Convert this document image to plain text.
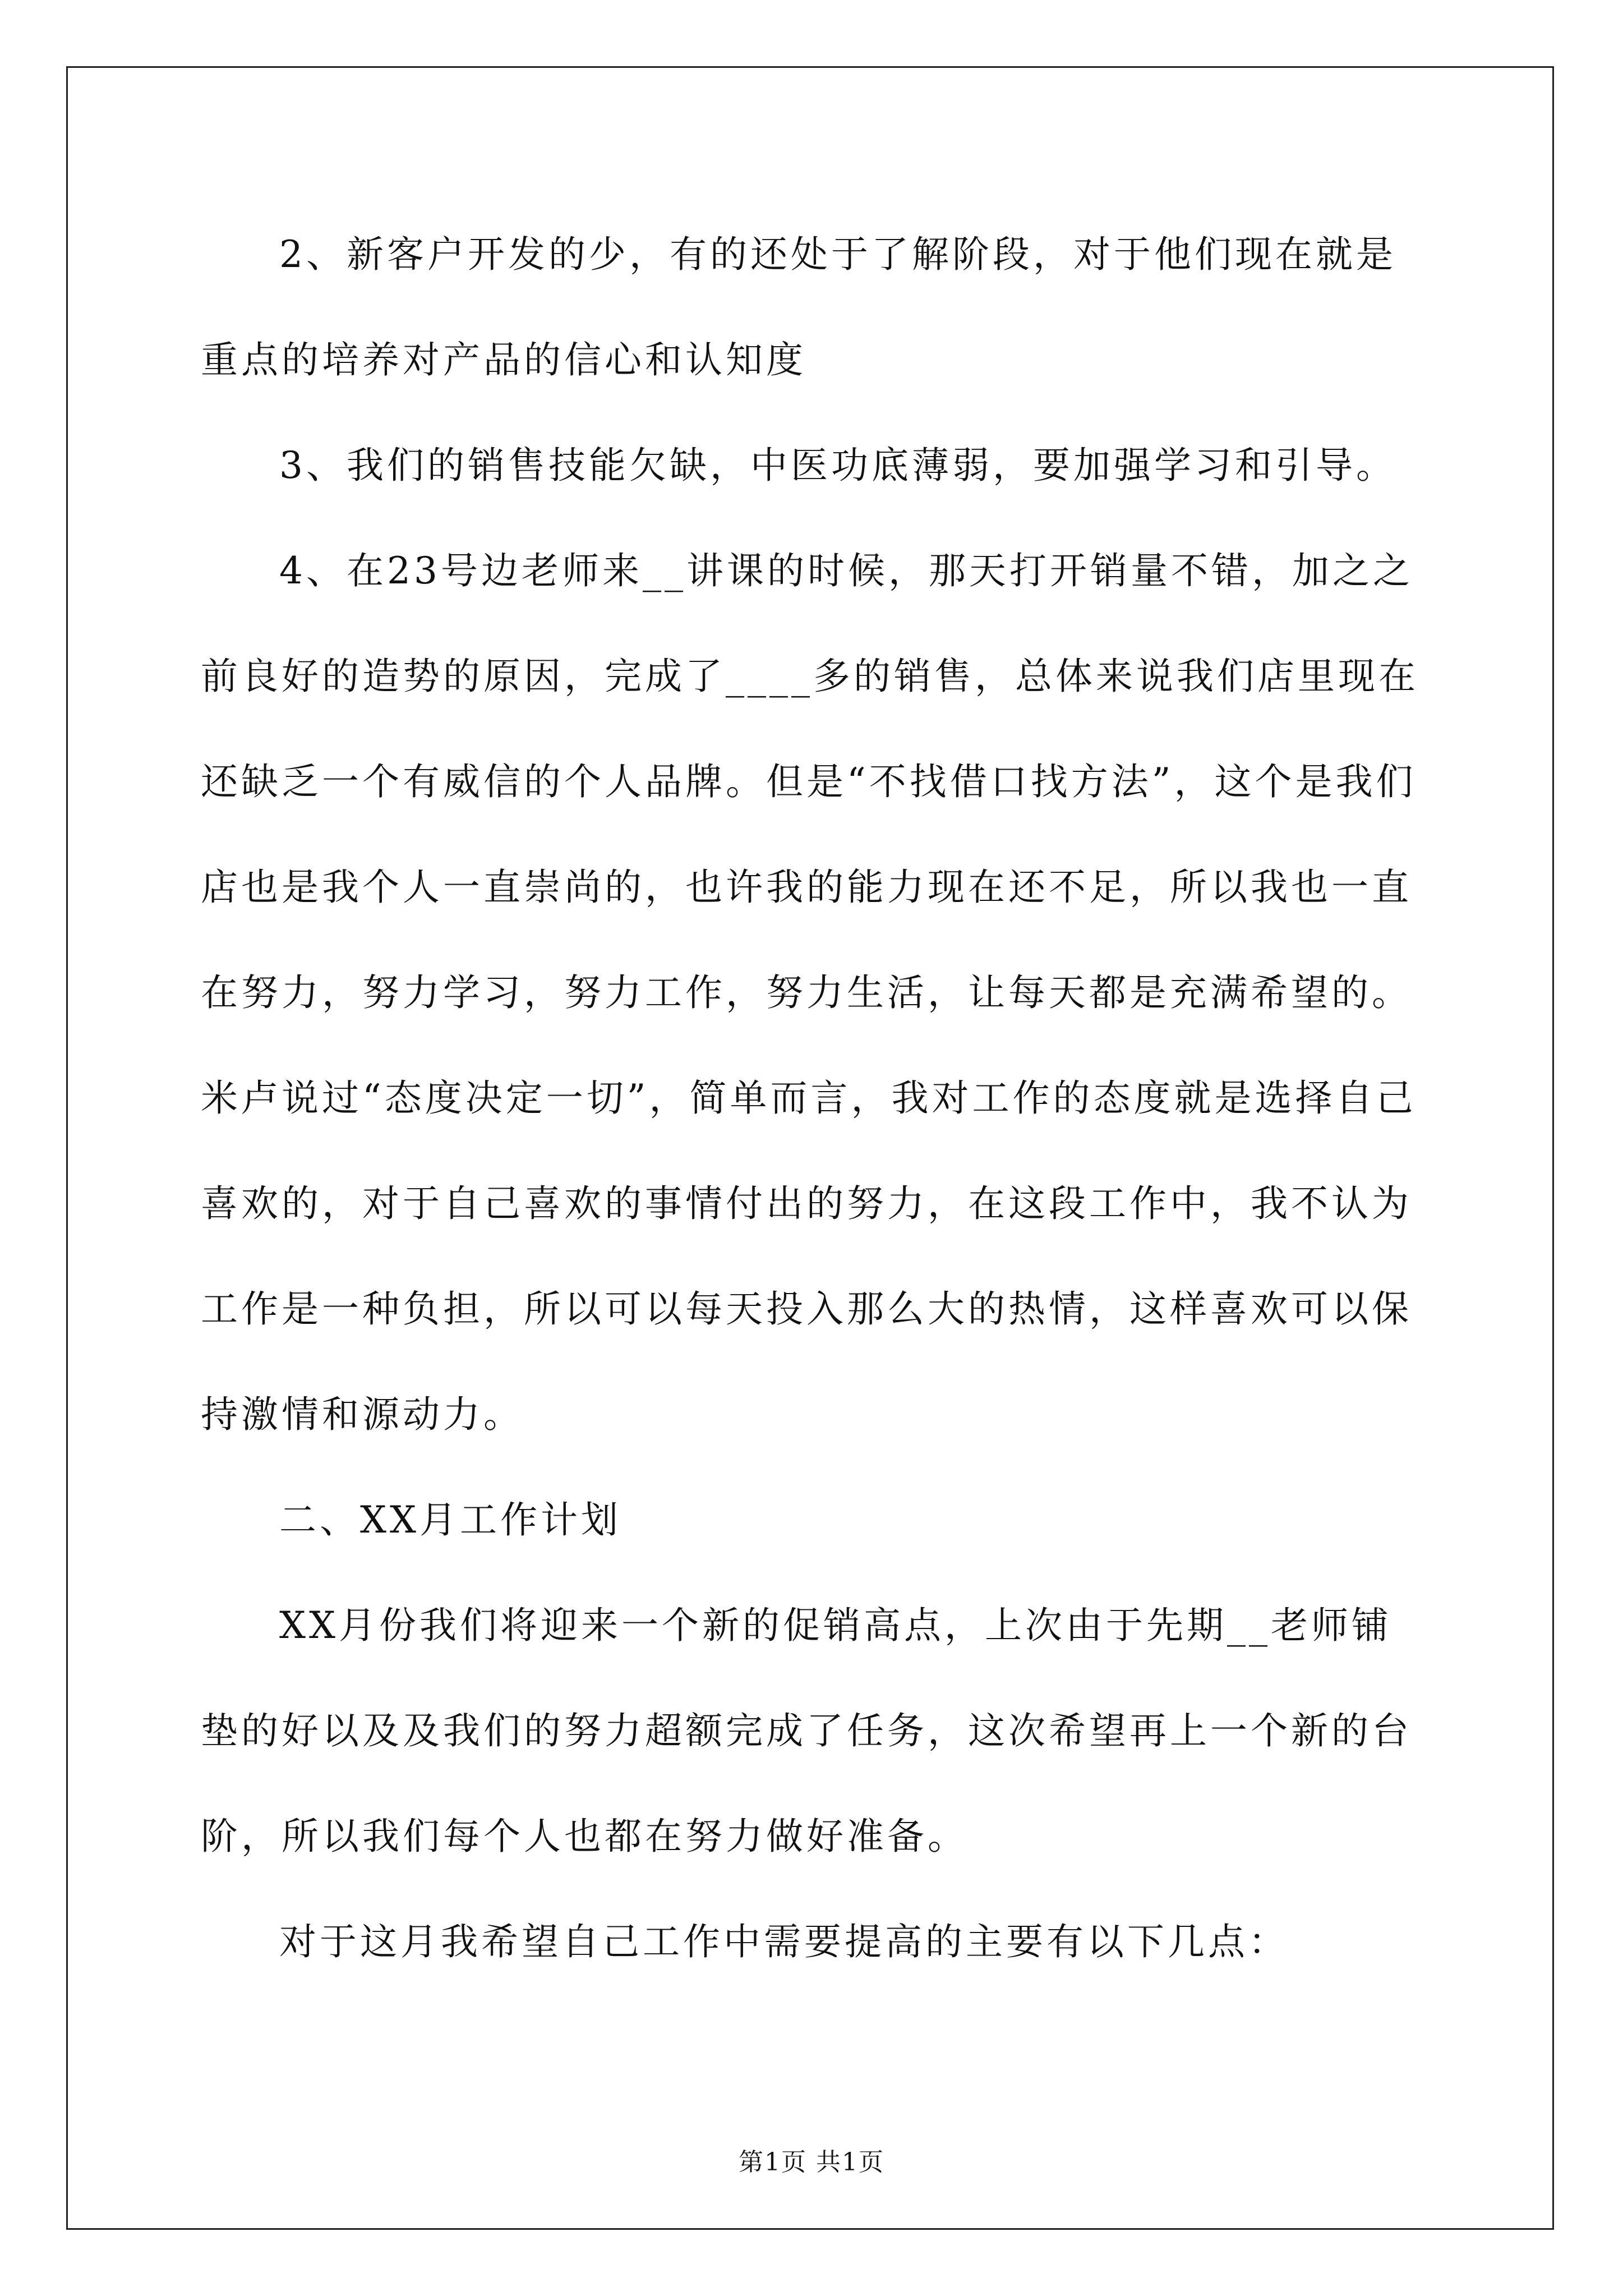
2、新客户开发的少，有的还处于了解阶段，对于他们现在就是重点的培养对产品的信心和认知度

3、我们的销售技能欠缺，中医功底薄弱，要加强学习和引导。

4、在23号边老师来__讲课的时候，那天打开销量不错，加之之前良好的造势的原因，完成了____多的销售，总体来说我们店里现在还缺乏一个有威信的个人品牌。但是“不找借口找方法”，这个是我们店也是我个人一直崇尚的，也许我的能力现在还不足，所以我也一直在努力，努力学习，努力工作，努力生活，让每天都是充满希望的。米卢说过“态度决定一切”，简单而言，我对工作的态度就是选择自己喜欢的，对于自己喜欢的事情付出的努力，在这段工作中，我不认为工作是一种负担，所以可以每天投入那么大的热情，这样喜欢可以保持激情和源动力。

二、XX月工作计划

XX月份我们将迎来一个新的促销高点，上次由于先期__老师铺垫的好以及及我们的努力超额完成了任务，这次希望再上一个新的台阶，所以我们每个人也都在努力做好准备。

对于这月我希望自己工作中需要提高的主要有以下几点：

第1页 共1页
